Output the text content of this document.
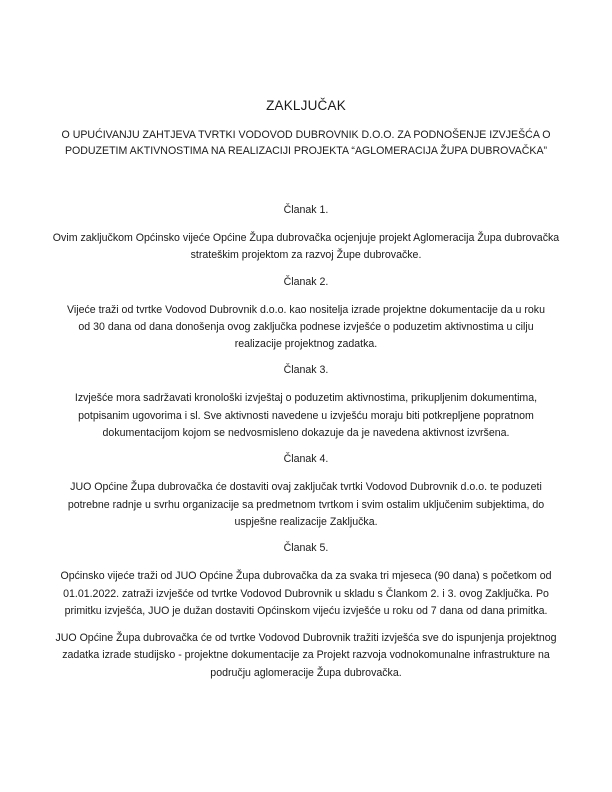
ZAKLJUČAK
O UPUĆIVANJU ZAHTJEVA TVRTKI VODOVOD DUBROVNIK D.O.O. ZA PODNOŠENJE IZVJEŠĆA O PODUZETIM AKTIVNOSTIMA NA REALIZACIJI PROJEKTA “AGLOMERACIJA ŽUPA DUBROVAČKA”
Članak 1.
Ovim zaključkom Općinsko vijeće Općine Župa dubrovačka ocjenjuje projekt Aglomeracija Župa dubrovačka strateškim projektom za razvoj Župe dubrovačke.
Članak 2.
Vijeće traži od tvrtke Vodovod Dubrovnik d.o.o. kao nositelja izrade projektne dokumentacije da u roku od 30 dana od dana donošenja ovog zaključka podnese izvješće o poduzetim aktivnostima u cilju realizacije projektnog zadatka.
Članak 3.
Izvješće mora sadržavati kronološki izvještaj o poduzetim aktivnostima, prikupljenim dokumentima, potpisanim ugovorima i sl. Sve aktivnosti navedene u izvješću moraju biti potkrepljene popratnom dokumentacijom kojom se nedvosmisleno dokazuje da je navedena aktivnost izvršena.
Članak 4.
JUO Općine Župa dubrovačka će dostaviti ovaj zaključak tvrtki Vodovod Dubrovnik d.o.o. te poduzeti potrebne radnje u svrhu organizacije sa predmetnom tvrtkom i svim ostalim uključenim subjektima, do uspješne realizacije Zaključka.
Članak 5.
Općinsko vijeće traži od JUO Općine Župa dubrovačka da za svaka tri mjeseca (90 dana) s početkom od 01.01.2022. zatraži izvješće od tvrtke Vodovod Dubrovnik u skladu s Člankom 2. i 3. ovog Zaključka. Po primitku izvješća, JUO je dužan dostaviti Općinskom vijeću izvješće u roku od 7 dana od dana primitka.
JUO Općine Župa dubrovačka će od tvrtke Vodovod Dubrovnik tražiti izvješća sve do ispunjenja projektnog zadatka izrade studijsko - projektne dokumentacije za Projekt razvoja vodnokomunalne infrastrukture na području aglomeracije Župa dubrovačka.
